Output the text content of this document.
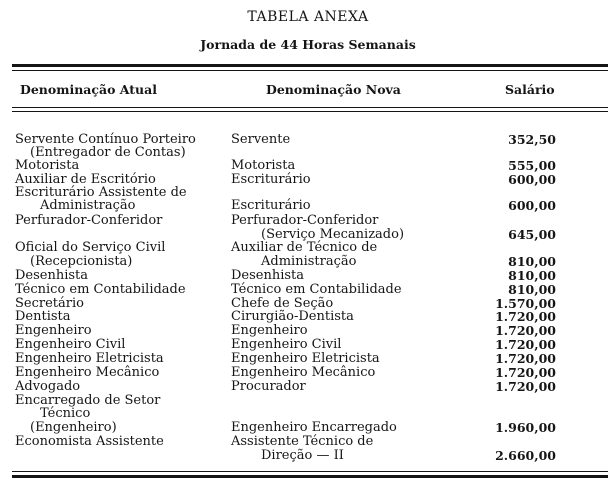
TABELA ANEXA
Jornada de 44 Horas Semanais
Denominação Atual	Denominação Nova	Salário
Servente Contínuo Porteiro
(Entregador de Contas)
Motorista
Auxiliar de Escritório
Escriturário Assistente de
Administração
Perfurador-Conferidor
Oficial do Serviço Civil
(Recepcionista)
Desenhista
Técnico em Contabilidade
Secretário
Dentista
Engenheiro
Engenheiro Civil
Engenheiro Eletricista
Engenheiro Mecânico
Advogado
Encarregado de Setor
Técnico
(Engenheiro)
Economista Assistente
Servente
Motorista
Escriturário
Escriturário
Perfurador-Conferidor
(Serviço Mecanizado)
Auxiliar de Técnico de
Administração
Desenhista
Técnico em Contabilidade
Chefe de Seção
Cirurgião-Dentista
Engenheiro
Engenheiro Civil
Engenheiro Eletricista
Engenheiro Mecânico
Procurador
Engenheiro Encarregado
Assistente Técnico de
Direção — II
352,50
555,00
600,00
600,00
645,00
810,00
810,00
810,00
1.570,00
1.720,00
1.720,00
1.720,00
1.720,00
1.720,00
1.720,00
1.960,00
2.660,00
